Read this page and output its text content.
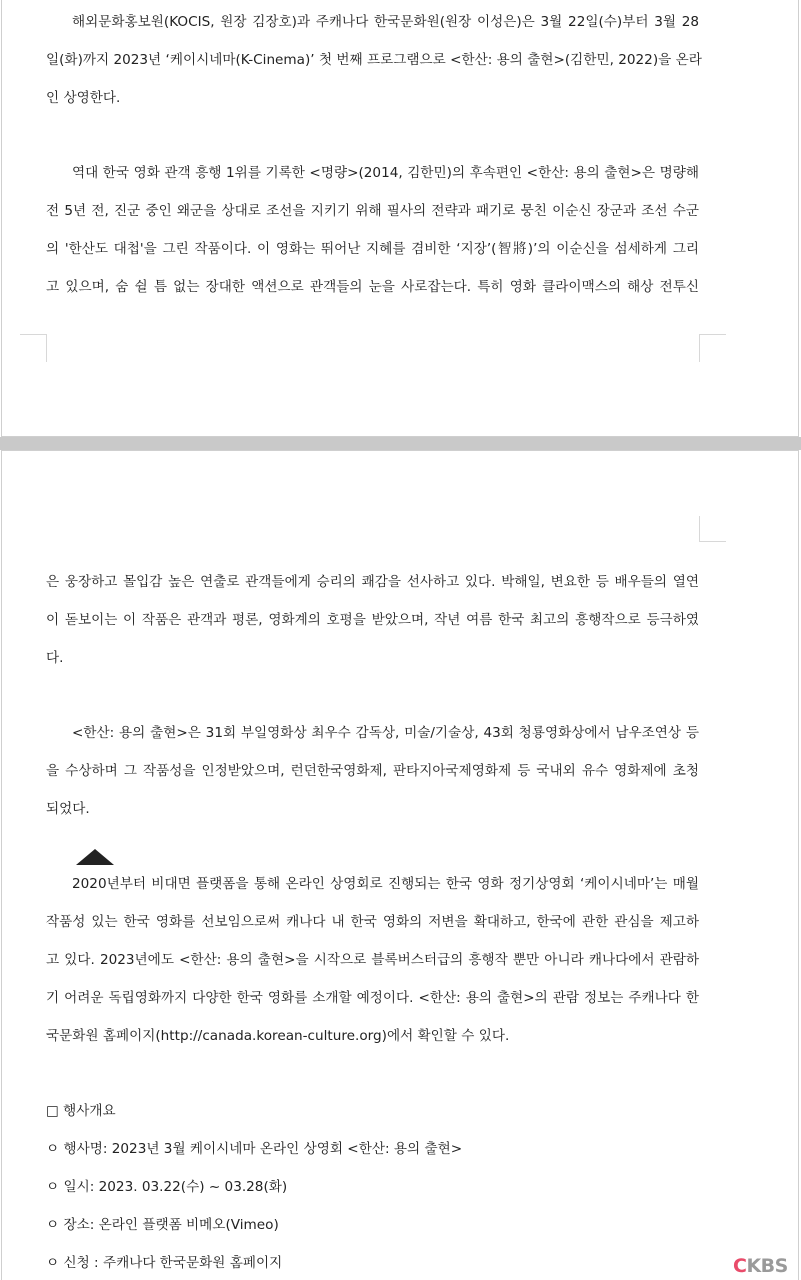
해외문화홍보원(KOCIS, 원장 김장호)과 주캐나다 한국문화원(원장 이성은)은 3월 22일(수)부터 3월 28
일(화)까지 2023년 ‘케이시네마(K-Cinema)’ 첫 번째 프로그램으로 <한산: 용의 출현>(김한민, 2022)을 온라
인 상영한다.
역대 한국 영화 관객 흥행 1위를 기록한 <명량>(2014, 김한민)의 후속편인 <한산: 용의 출현>은 명량해
전 5년 전, 진군 중인 왜군을 상대로 조선을 지키기 위해 필사의 전략과 패기로 뭉친 이순신 장군과 조선 수군
의 '한산도 대첩'을 그린 작품이다. 이 영화는 뛰어난 지혜를 겸비한 ‘지장’(智將)’의 이순신을 섬세하게 그리
고 있으며, 숨 쉴 틈 없는 장대한 액션으로 관객들의 눈을 사로잡는다. 특히 영화 클라이맥스의 해상 전투신
은 웅장하고 몰입감 높은 연출로 관객들에게 승리의 쾌감을 선사하고 있다. 박해일, 변요한 등 배우들의 열연
이 돋보이는 이 작품은 관객과 평론, 영화계의 호평을 받았으며, 작년 여름 한국 최고의 흥행작으로 등극하였
다.
<한산: 용의 출현>은 31회 부일영화상 최우수 감독상, 미술/기술상, 43회 청룡영화상에서 남우조연상 등
을 수상하며 그 작품성을 인정받았으며, 런던한국영화제, 판타지아국제영화제 등 국내외 유수 영화제에 초청
되었다.
2020년부터 비대면 플랫폼을 통해 온라인 상영회로 진행되는 한국 영화 정기상영회 ‘케이시네마’는 매월
작품성 있는 한국 영화를 선보임으로써 캐나다 내 한국 영화의 저변을 확대하고, 한국에 관한 관심을 제고하
고 있다. 2023년에도 <한산: 용의 출현>을 시작으로 블록버스터급의 흥행작 뿐만 아니라 캐나다에서 관람하
기 어려운 독립영화까지 다양한 한국 영화를 소개할 예정이다. <한산: 용의 출현>의 관람 정보는 주캐나다 한
국문화원 홈페이지(http://canada.korean-culture.org)에서 확인할 수 있다.
□ 행사개요
ㅇ 행사명: 2023년 3월 케이시네마 온라인 상영회 <한산: 용의 출현>
ㅇ 일시: 2023. 03.22(수) ~ 03.28(화)
ㅇ 장소: 온라인 플랫폼 비메오(Vimeo)
ㅇ 신청 : 주캐나다 한국문화원 홈페이지	CKBS
